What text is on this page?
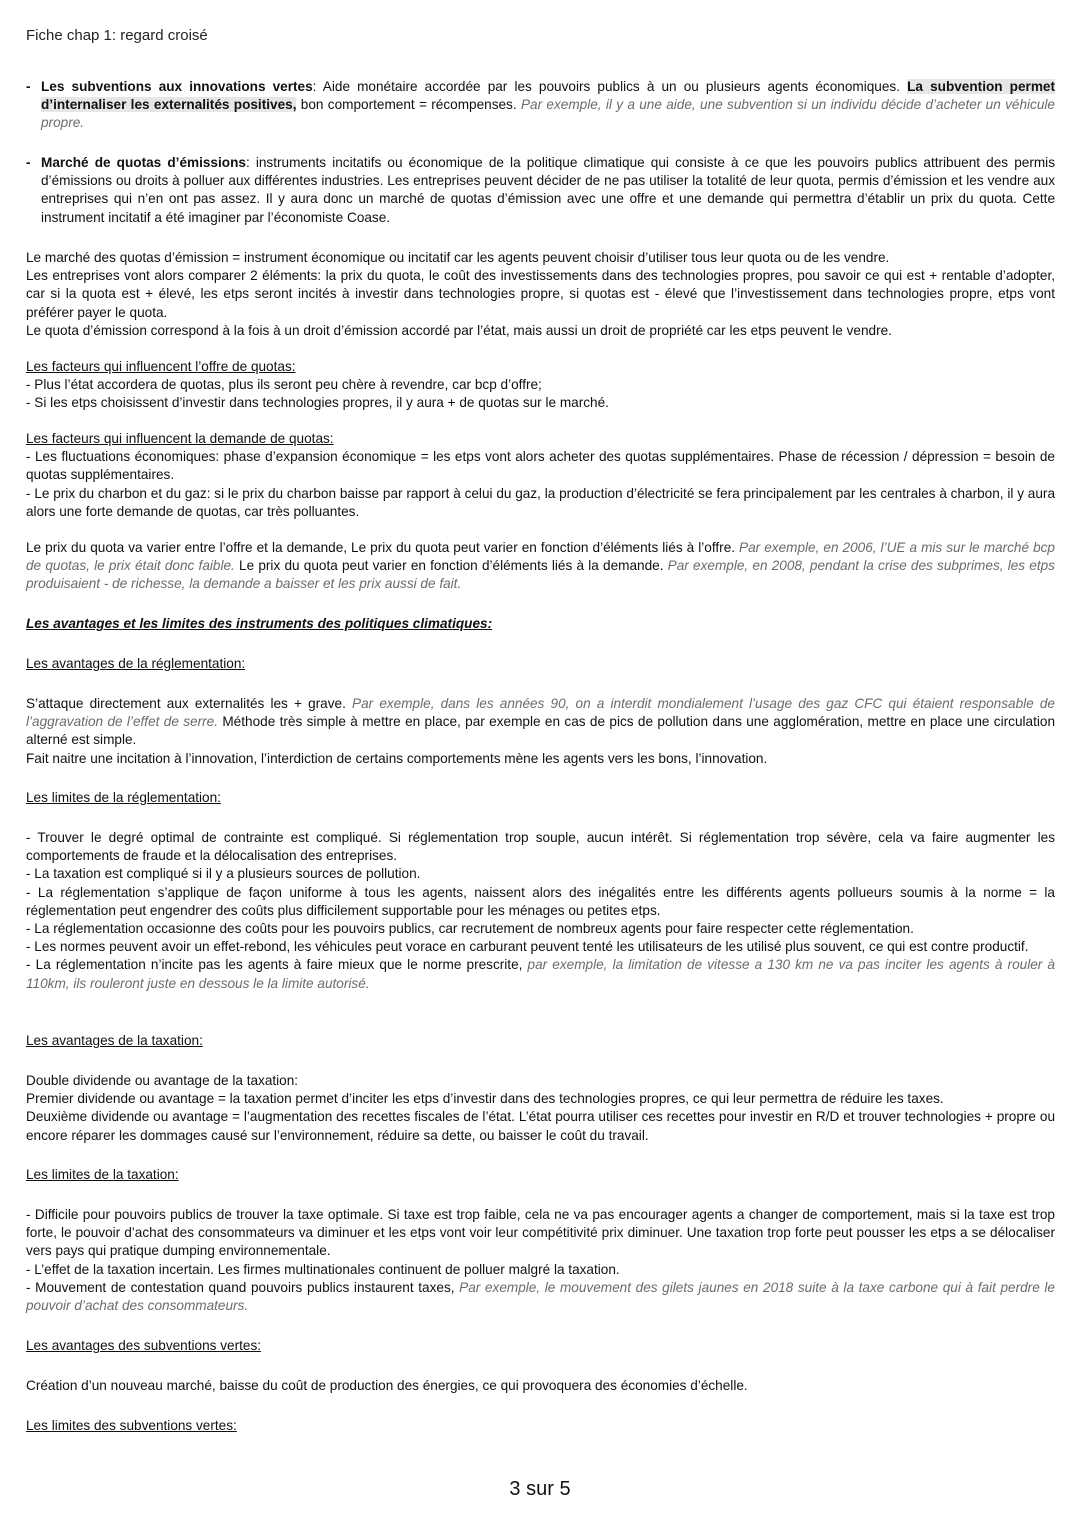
Fiche chap 1: regard croisé
- Les subventions aux innovations vertes: Aide monétaire accordée par les pouvoirs publics à un ou plusieurs agents économiques. La subvention permet d’internaliser les externalités positives, bon comportement = récompenses. Par exemple, il y a une aide, une subvention si un individu décide d’acheter un véhicule propre.
- Marché de quotas d’émissions: instruments incitatifs ou économique de la politique climatique qui consiste à ce que les pouvoirs publics attribuent des permis d’émissions ou droits à polluer aux différentes industries. Les entreprises peuvent décider de ne pas utiliser la totalité de leur quota, permis d’émission et les vendre aux entreprises qui n’en ont pas assez. Il y aura donc un marché de quotas d’émission avec une offre et une demande qui permettra d’établir un prix du quota. Cette instrument incitatif a été imaginer par l’économiste Coase.
Le marché des quotas d’émission = instrument économique ou incitatif car les agents peuvent choisir d’utiliser tous leur quota ou de les vendre.
Les entreprises vont alors comparer 2 éléments: la prix du quota, le coût des investissements dans des technologies propres, pou savoir ce qui est + rentable d’adopter, car si la quota est + élevé, les etps seront incités à investir dans technologies propre, si quotas est - élevé que l’investissement dans technologies propre, etps vont préférer payer le quota.
Le quota d’émission correspond à la fois à un droit d’émission accordé par l’état, mais aussi un droit de propriété car les etps peuvent le vendre.
Les facteurs qui influencent l’offre de quotas:
- Plus l’état accordera de quotas, plus ils seront peu chère à revendre, car bcp d’offre;
- Si les etps choisissent d’investir dans technologies propres, il y aura + de quotas sur le marché.
Les facteurs qui influencent la demande de quotas:
- Les fluctuations économiques: phase d’expansion économique = les etps vont alors acheter des quotas supplémentaires. Phase de récession / dépression = besoin de quotas supplémentaires.
- Le prix du charbon et du gaz: si le prix du charbon baisse par rapport à celui du gaz, la production d’électricité se fera principalement par les centrales à charbon, il y aura alors une forte demande de quotas, car très polluantes.
Le prix du quota va varier entre l’offre et la demande, Le prix du quota peut varier en fonction d’éléments liés à l’offre. Par exemple, en 2006, l’UE a mis sur le marché bcp de quotas, le prix était donc faible. Le prix du quota peut varier en fonction d’éléments liés à la demande. Par exemple, en 2008, pendant la crise des subprimes, les etps produisaient - de richesse, la demande a baisser et les prix aussi de fait.
Les avantages et les limites des instruments des politiques climatiques:
Les avantages de la réglementation:
S’attaque directement aux externalités les + grave. Par exemple, dans les années 90, on a interdit mondialement l’usage des gaz CFC qui étaient responsable de l’aggravation de l’effet de serre. Méthode très simple à mettre en place, par exemple en cas de pics de pollution dans une agglomération, mettre en place une circulation alterné est simple.
Fait naitre une incitation à l’innovation, l’interdiction de certains comportements mène les agents vers les bons, l’innovation.
Les limites de la réglementation:
- Trouver le degré optimal de contrainte est compliqué. Si réglementation trop souple, aucun intérêt. Si réglementation trop sévère, cela va faire augmenter les comportements de fraude et la délocalisation des entreprises.
- La taxation est compliqué si il y a plusieurs sources de pollution.
- La réglementation s’applique de façon uniforme à tous les agents, naissent alors des inégalités entre les différents agents pollueurs soumis à la norme = la réglementation peut engendrer des coûts plus difficilement supportable pour les ménages ou petites etps.
- La réglementation occasionne des coûts pour les pouvoirs publics, car recrutement de nombreux agents pour faire respecter cette réglementation.
- Les normes peuvent avoir un effet-rebond, les véhicules peut vorace en carburant peuvent tenté les utilisateurs de les utilisé plus souvent, ce qui est contre productif.
- La réglementation n’incite pas les agents à faire mieux que le norme prescrite, par exemple, la limitation de vitesse a 130 km ne va pas inciter les agents à rouler à 110km, ils rouleront juste en dessous le la limite autorisé.
Les avantages de la taxation:
Double dividende ou avantage de la taxation:
Premier dividende ou avantage = la taxation permet d’inciter les etps d’investir dans des technologies propres, ce qui leur permettra de réduire les taxes.
Deuxième dividende ou avantage = l’augmentation des recettes fiscales de l’état. L’état pourra utiliser ces recettes pour investir en R/D et trouver technologies + propre ou encore réparer les dommages causé sur l’environnement, réduire sa dette, ou baisser le coût du travail.
Les limites de la taxation:
- Difficile pour pouvoirs publics de trouver la taxe optimale. Si taxe est trop faible, cela ne va pas encourager agents a changer de comportement, mais si la taxe est trop forte, le pouvoir d’achat des consommateurs va diminuer et les etps vont voir leur compétitivité prix diminuer. Une taxation trop forte peut pousser les etps a se délocaliser vers pays qui pratique dumping environnementale.
- L’effet de la taxation incertain. Les firmes multinationales continuent de polluer malgré la taxation.
- Mouvement de contestation quand pouvoirs publics instaurent taxes, Par exemple, le mouvement des gilets jaunes en 2018 suite à la taxe carbone qui à fait perdre le pouvoir d’achat des consommateurs.
Les avantages des subventions vertes:
Création d’un nouveau marché, baisse du coût de production des énergies, ce qui provoquera des économies d’échelle.
Les limites des subventions vertes:
3 sur 5
